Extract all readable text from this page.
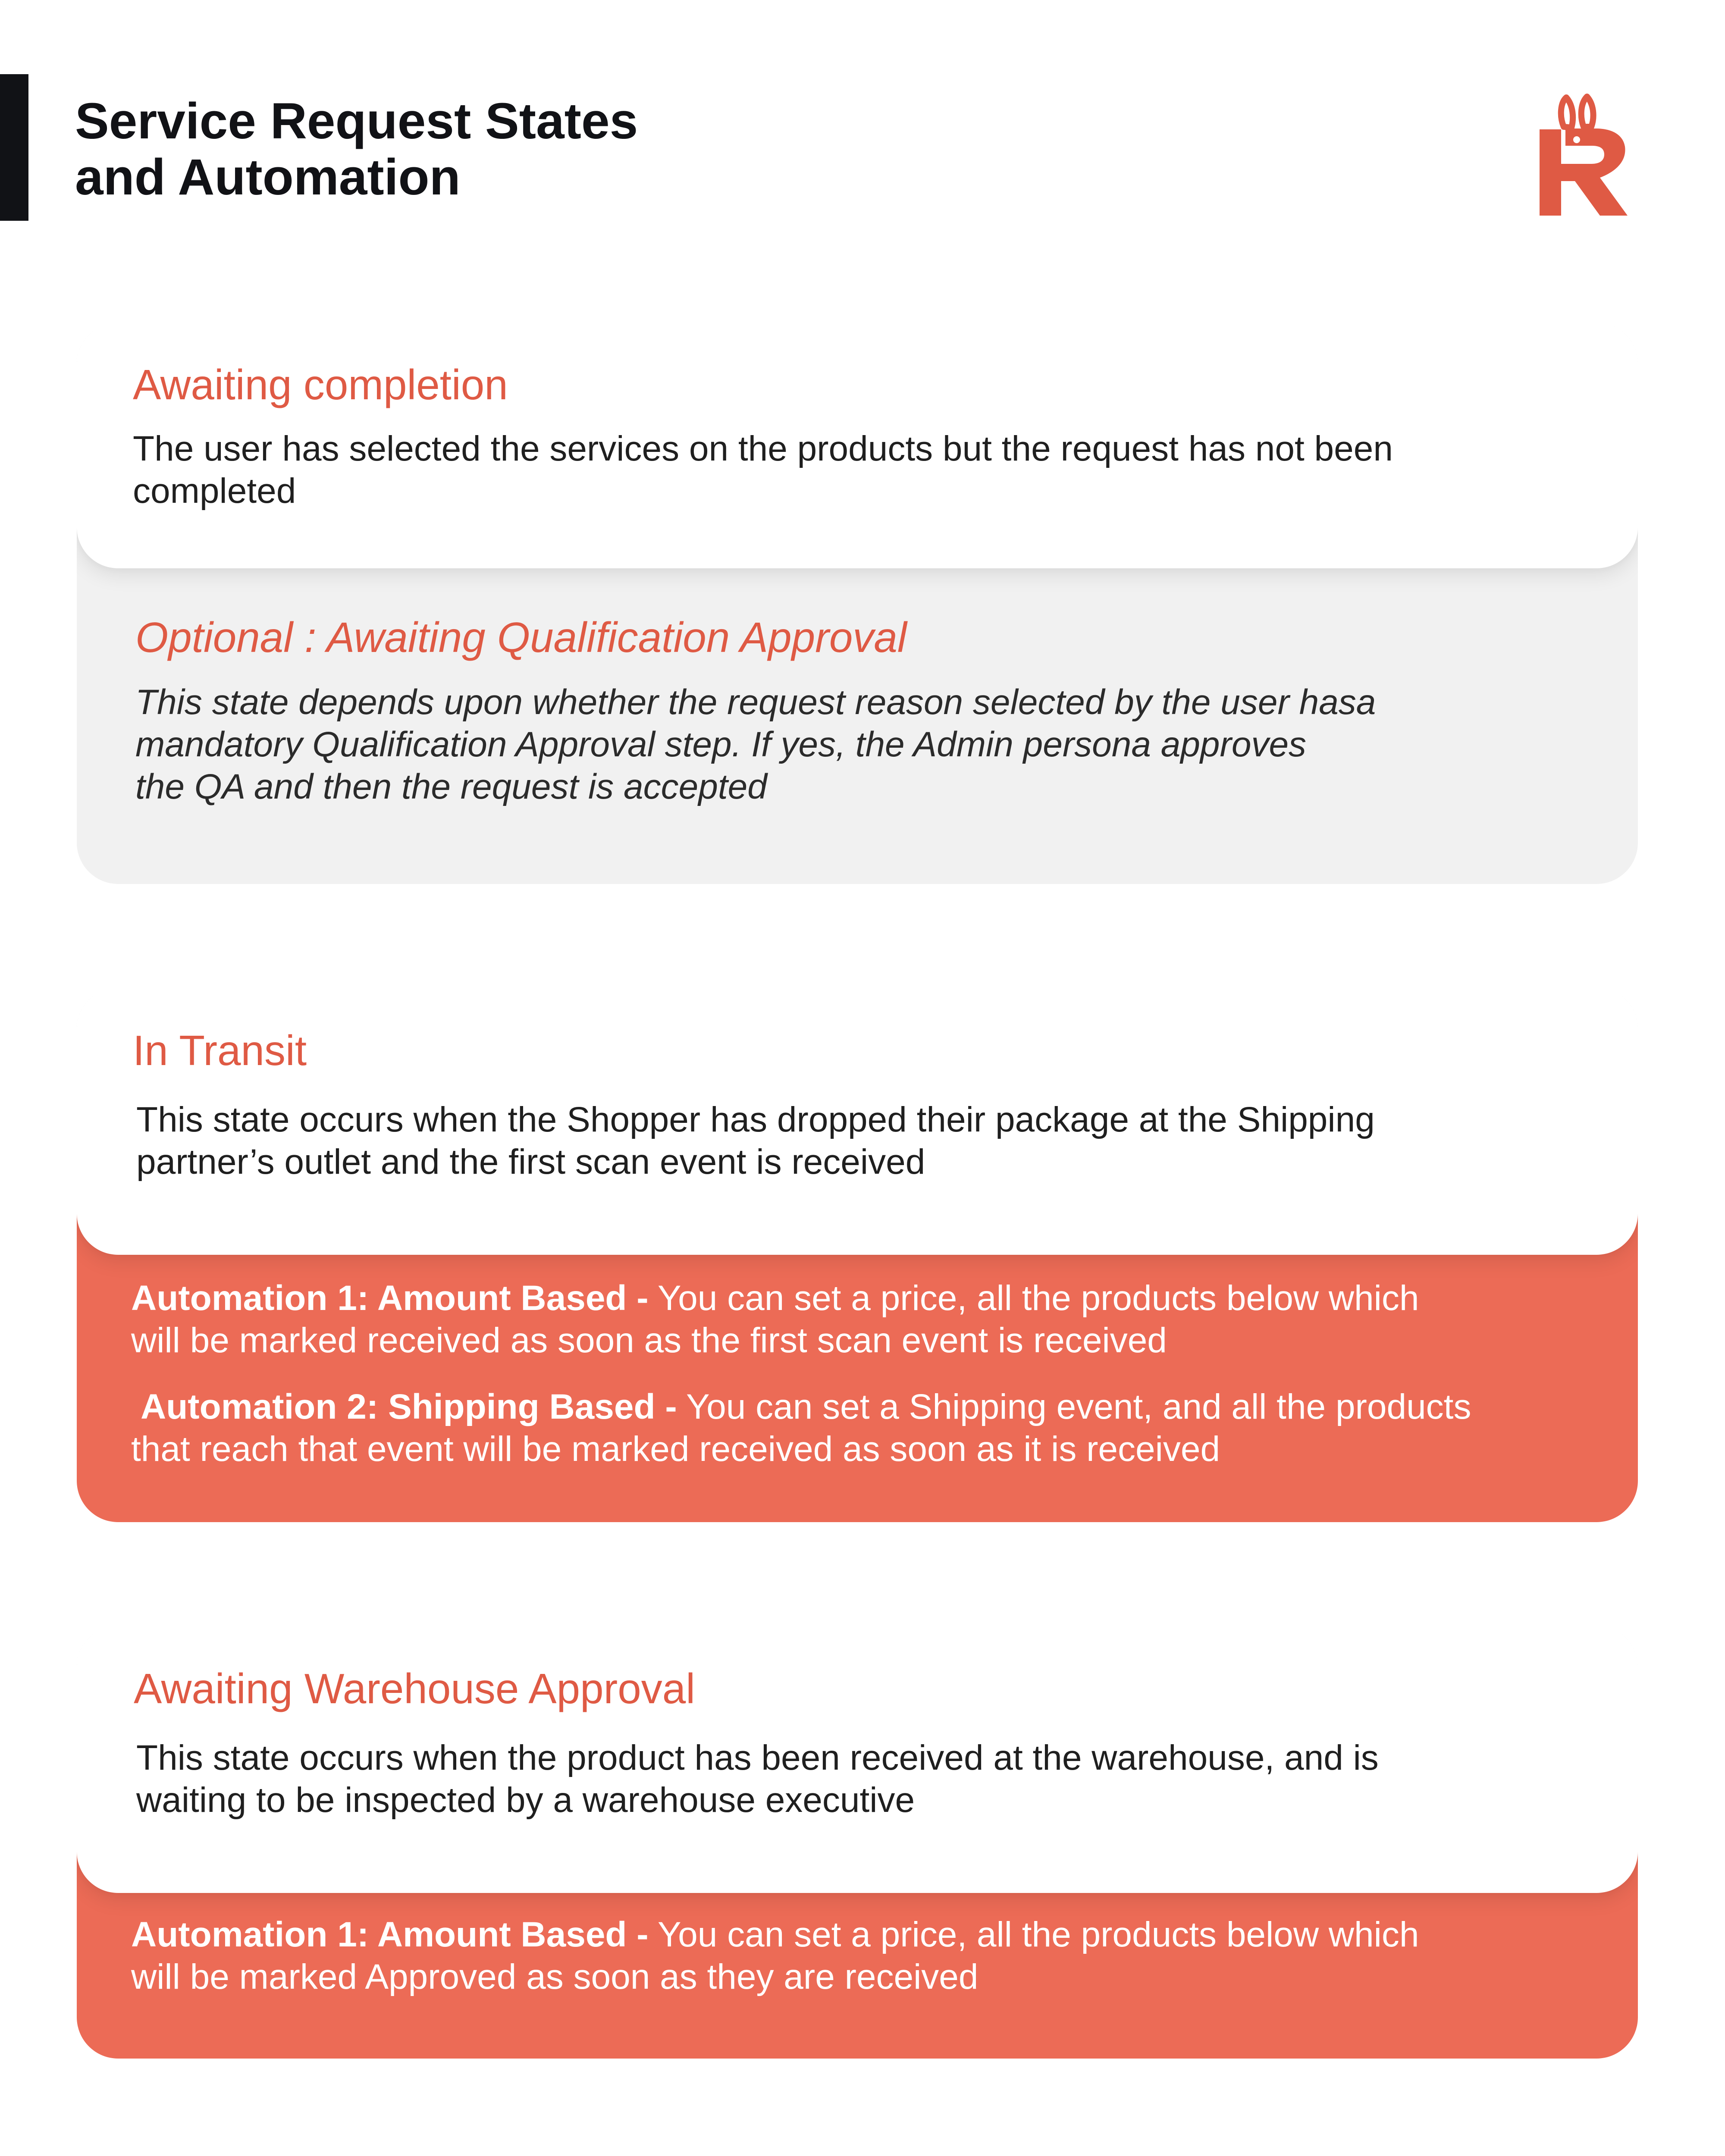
Service Request States
and Automation
Awaiting completion
The user has selected the services on the products but the request has not been
completed
Optional : Awaiting Qualification Approval
This state depends upon whether the request reason selected by the user hasa
mandatory Qualification Approval step. If yes, the Admin persona approves
the QA and then the request is accepted
In Transit
This state occurs when the Shopper has dropped their package at the Shipping
partner’s outlet and the first scan event is received
Automation 1: Amount Based - You can set a price, all the products below which
will be marked received as soon as the first scan event is received
Automation 2: Shipping Based - You can set a Shipping event, and all the products
that reach that event will be marked received as soon as it is received
Awaiting Warehouse Approval
This state occurs when the product has been received at the warehouse, and is
waiting to be inspected by a warehouse executive
Automation 1: Amount Based - You can set a price, all the products below which
will be marked Approved as soon as they are received
